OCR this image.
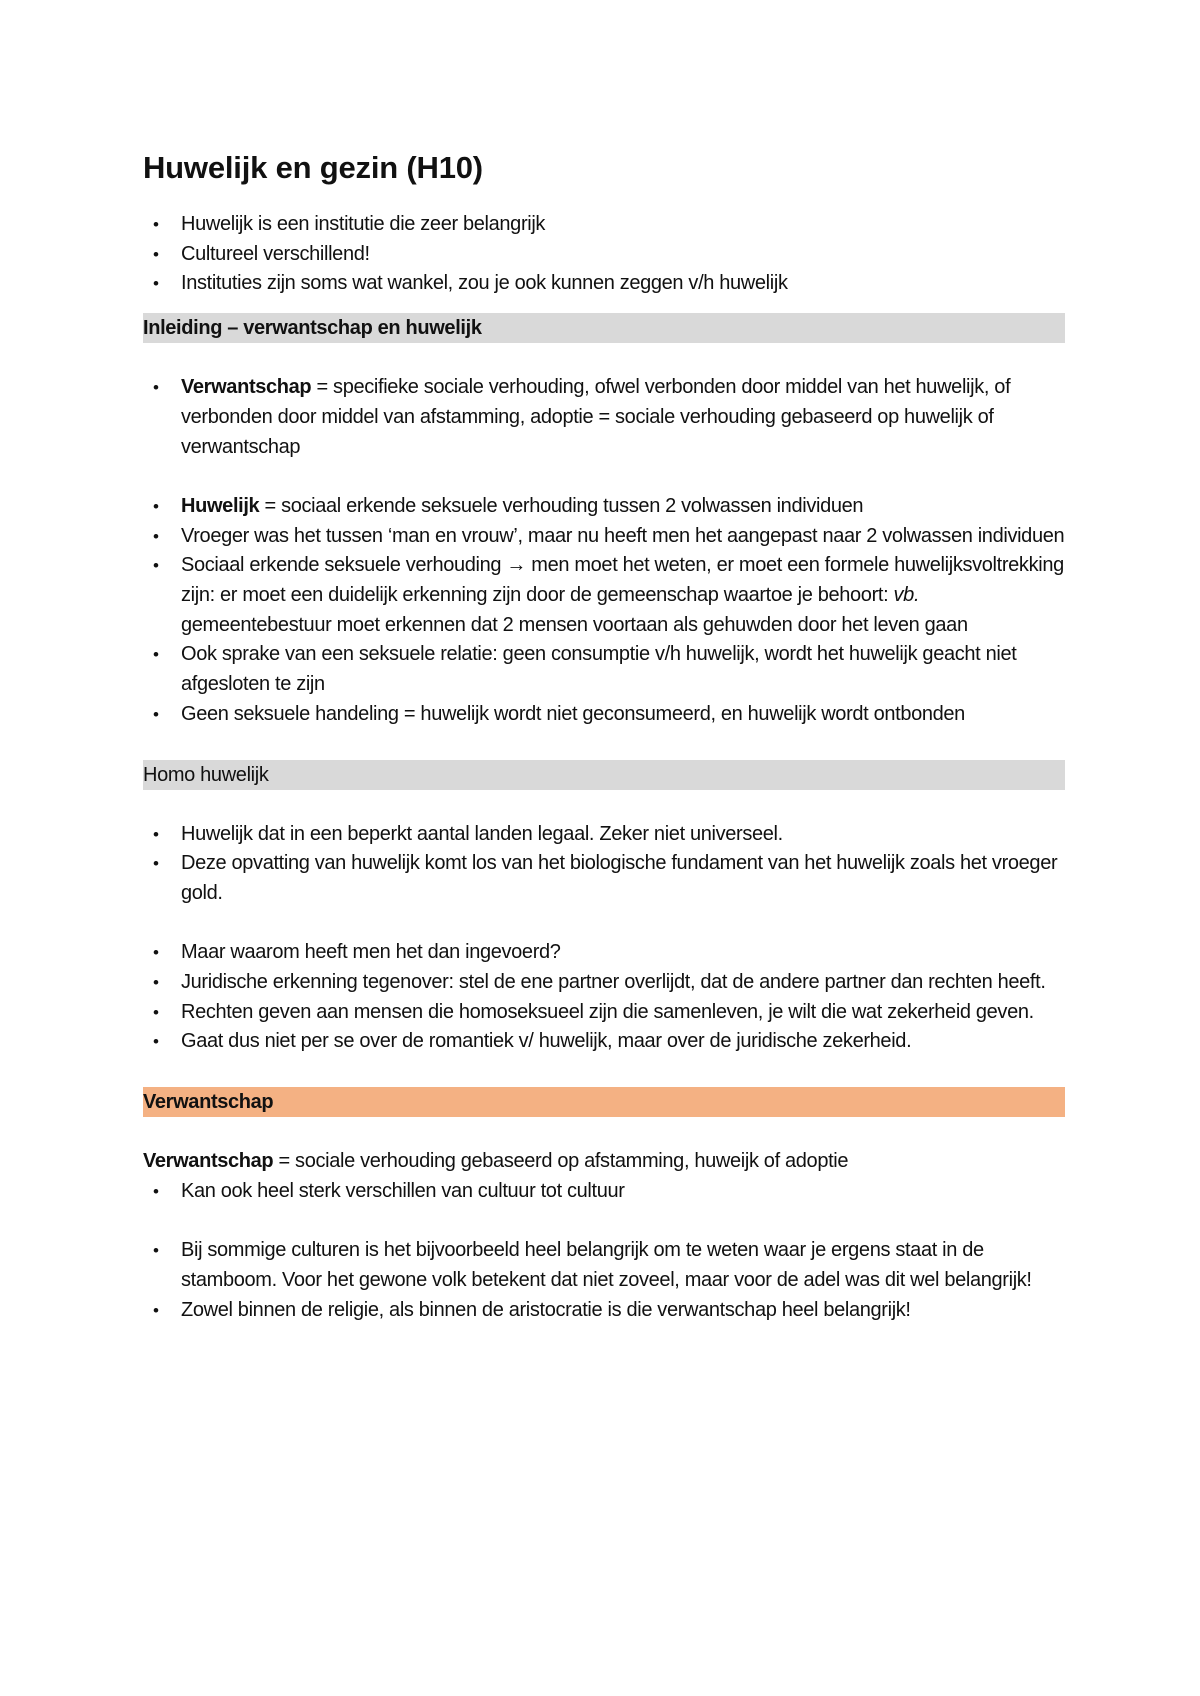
Huwelijk en gezin (H10)
• Huwelijk is een institutie die zeer belangrijk
• Cultureel verschillend!
• Instituties zijn soms wat wankel, zou je ook kunnen zeggen v/h huwelijk
Inleiding – verwantschap en huwelijk
• Verwantschap = specifieke sociale verhouding, ofwel verbonden door middel van het huwelijk, of verbonden door middel van afstamming, adoptie = sociale verhouding gebaseerd op huwelijk of verwantschap
• Huwelijk = sociaal erkende seksuele verhouding tussen 2 volwassen individuen
• Vroeger was het tussen ‘man en vrouw’, maar nu heeft men het aangepast naar 2 volwassen individuen
• Sociaal erkende seksuele verhouding → men moet het weten, er moet een formele huwelijksvoltrekking zijn: er moet een duidelijk erkenning zijn door de gemeenschap waartoe je behoort: vb. gemeentebestuur moet erkennen dat 2 mensen voortaan als gehuwden door het leven gaan
• Ook sprake van een seksuele relatie: geen consumptie v/h huwelijk, wordt het huwelijk geacht niet afgesloten te zijn
• Geen seksuele handeling = huwelijk wordt niet geconsumeerd, en huwelijk wordt ontbonden
Homo huwelijk
• Huwelijk dat in een beperkt aantal landen legaal. Zeker niet universeel.
• Deze opvatting van huwelijk komt los van het biologische fundament van het huwelijk zoals het vroeger gold.
• Maar waarom heeft men het dan ingevoerd?
• Juridische erkenning tegenover: stel de ene partner overlijdt, dat de andere partner dan rechten heeft.
• Rechten geven aan mensen die homoseksueel zijn die samenleven, je wilt die wat zekerheid geven.
• Gaat dus niet per se over de romantiek v/ huwelijk, maar over de juridische zekerheid.
Verwantschap
Verwantschap = sociale verhouding gebaseerd op afstamming, huweijk of adoptie
• Kan ook heel sterk verschillen van cultuur tot cultuur
• Bij sommige culturen is het bijvoorbeeld heel belangrijk om te weten waar je ergens staat in de stamboom. Voor het gewone volk betekent dat niet zoveel, maar voor de adel was dit wel belangrijk!
• Zowel binnen de religie, als binnen de aristocratie is die verwantschap heel belangrijk!
